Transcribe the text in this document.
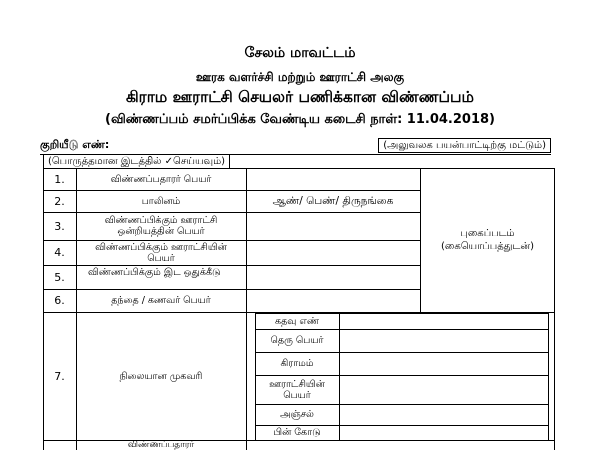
சேலம் மாவட்டம்
ஊரக வளர்ச்சி மற்றும் ஊராட்சி அலகு
கிராம ஊராட்சி செயலர் பணிக்கான விண்ணப்பம்
(விண்ணப்பம் சமர்ப்பிக்க வேண்டிய கடைசி நாள்: 11.04.2018)
குறியீடு எண்:	(அலுவலக பயன்பாட்டிற்கு மட்டும்)
(பொருத்தமான இடத்தில் ✓செய்யவும்)
1.	விண்ணப்பதாரர் பெயர்
2.	பாலினம்	ஆண்/ பெண்/ திருநங்கை
3.	விண்ணப்பிக்கும் ஊராட்சி ஒன்றியத்தின் பெயர்
4.	விண்ணப்பிக்கும் ஊராட்சியின் பெயர்
5.	விண்ணப்பிக்கும் இட ஒதுக்கீடு
6.	தந்தை / கணவர் பெயர்
புகைப்படம்
(கையொப்பத்துடன்)
7.	நிலையான முகவரி
கதவு எண்
தெரு பெயர்
கிராமம்
ஊராட்சியின் பெயர்
அஞ்சல்
பின் கோடு
விண்ணப்பதாரர்
